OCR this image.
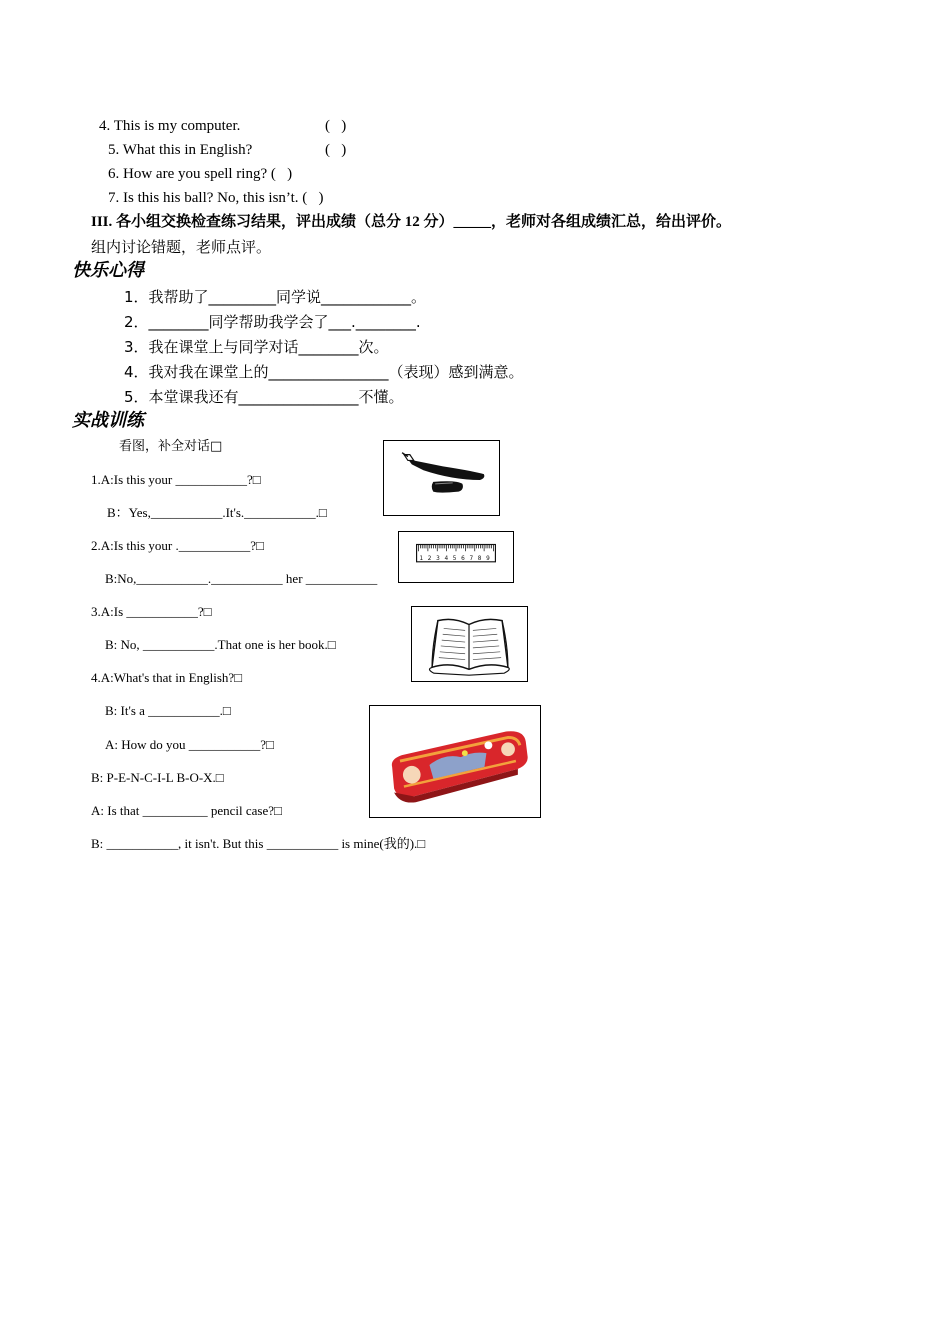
4. This is my computer.	(   )
5. What this in English?	(   )
6. How are you spell ring? (   )
7. Is this his ball? No, this isn’t. (   )
III. 各小组交换检查练习结果，评出成绩（总分 12 分）_____，老师对各组成绩汇总，给出评价。
组内讨论错题，老师点评。
快乐心得
1．我帮助了_________同学说____________。
2．________同学帮助我学会了___.________.
3．我在课堂上与同学对话________次。
4．我对我在课堂上的________________（表现）感到满意。
5．本堂课我还有________________不懂。
实战训练
看图，补全对话□
1.A:Is this your ___________?□
B：Yes,___________.It's.___________.□
2.A:Is this your .___________?□
B:No,___________.___________ her ___________
3.A:Is ___________?□
B: No, ___________.That one is her book.□
4.A:What's that in English?□
B: It's a ___________.□
A: How do you ___________?□
B: P-E-N-C-I-L B-O-X.□
A: Is that __________ pencil case?□
B: ___________, it isn't. But this ___________ is mine(我的).□
1 2 3 4 5 6 7 8 9
